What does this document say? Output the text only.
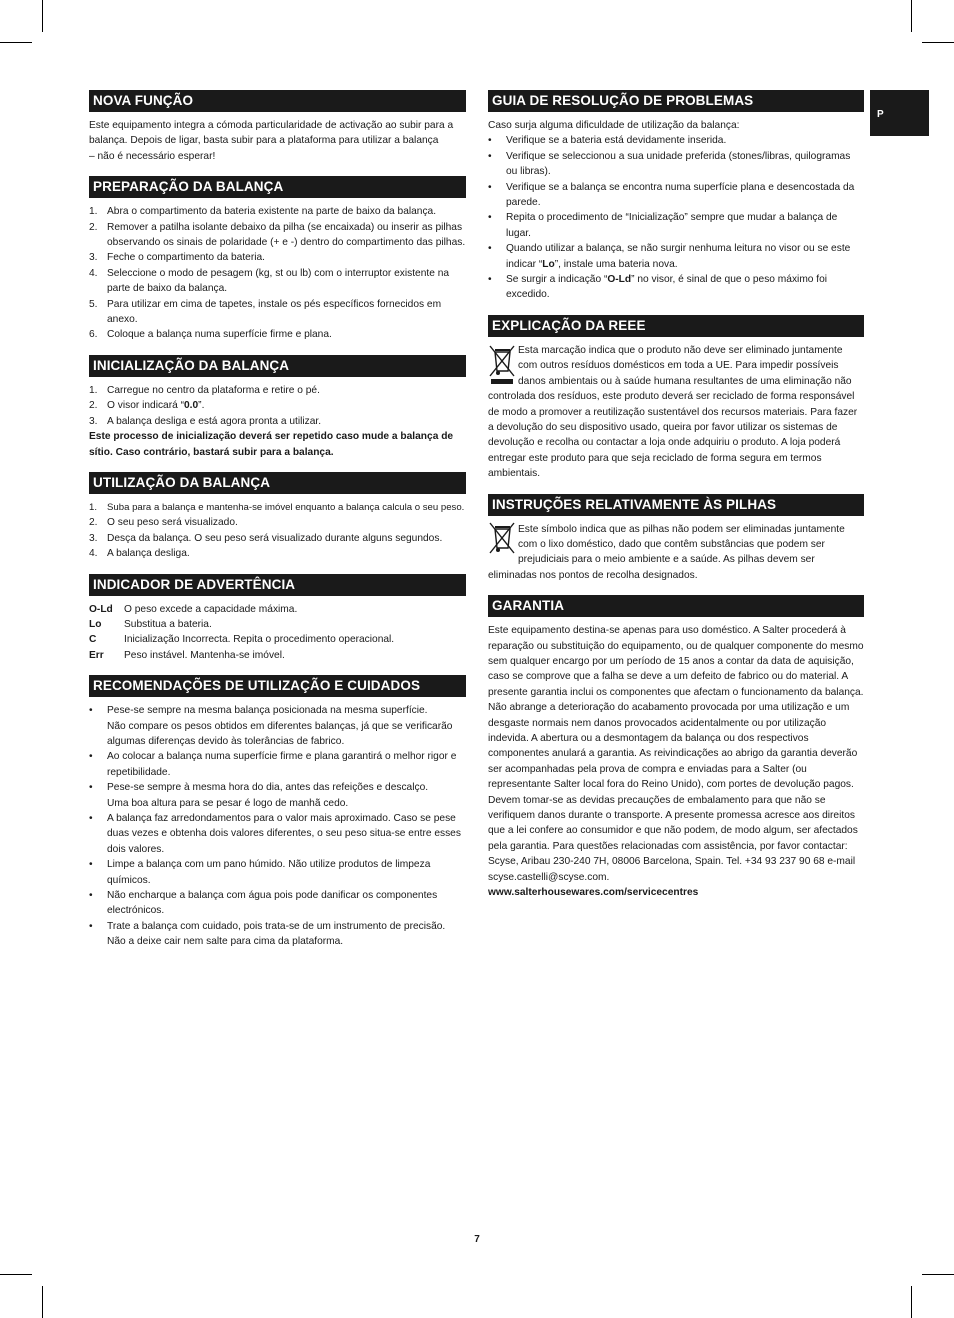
P
NOVA FUNÇÃO

Este equipamento integra a cómoda particularidade de activação ao subir para a balança. Depois de ligar, basta subir para a plataforma para utilizar a balança
– não é necessário esperar!

PREPARAÇÃO DA BALANÇA
1. Abra o compartimento da bateria existente na parte de baixo da balança.
2. Remover a patilha isolante debaixo da pilha (se encaixada) ou inserir as pilhas observando os sinais de polaridade (+ e -) dentro do compartimento das pilhas.
3. Feche o compartimento da bateria.
4. Seleccione o modo de pesagem (kg, st ou lb) com o interruptor existente na parte de baixo da balança.
5. Para utilizar em cima de tapetes, instale os pés específicos fornecidos em anexo.
6. Coloque a balança numa superfície firme e plana.
INICIALIZAÇÃO DA BALANÇA
1. Carregue no centro da plataforma e retire o pé.
2. O visor indicará “0.0”.
3. A balança desliga e está agora pronta a utilizar.

Este processo de inicialização deverá ser repetido caso mude a balança de sítio. Caso contrário, bastará subir para a balança.

UTILIZAÇÃO DA BALANÇA
1. Suba para a balança e mantenha-se imóvel enquanto a balança calcula o seu peso.
2. O seu peso será visualizado.
3. Desça da balança. O seu peso será visualizado durante alguns segundos.
4. A balança desliga.
INDICADOR DE ADVERTÊNCIA
O-Ld	O peso excede a capacidade máxima.
Lo	Substitua a bateria.
C	Inicialização Incorrecta. Repita o procedimento operacional.
Err	Peso instável. Mantenha-se imóvel.
RECOMENDAÇÕES DE UTILIZAÇÃO E CUIDADOS
• Pese-se sempre na mesma balança posicionada na mesma superfície.
Não compare os pesos obtidos em diferentes balanças, já que se verificarão algumas diferenças devido às tolerâncias de fabrico.
• Ao colocar a balança numa superfície firme e plana garantirá o melhor rigor e repetibilidade.
• Pese-se sempre à mesma hora do dia, antes das refeições e descalço.
Uma boa altura para se pesar é logo de manhã cedo.
• A balança faz arredondamentos para o valor mais aproximado. Caso se pese duas vezes e obtenha dois valores diferentes, o seu peso situa-se entre esses dois valores.
• Limpe a balança com um pano húmido. Não utilize produtos de limpeza químicos.
• Não encharque a balança com água pois pode danificar os componentes electrónicos.
• Trate a balança com cuidado, pois trata-se de um instrumento de precisão.
Não a deixe cair nem salte para cima da plataforma.
GUIA DE RESOLUÇÃO DE PROBLEMAS

Caso surja alguma dificuldade de utilização da balança:

• Verifique se a bateria está devidamente inserida.
• Verifique se seleccionou a sua unidade preferida (stones/libras, quilogramas ou libras).
• Verifique se a balança se encontra numa superfície plana e desencostada da parede.
• Repita o procedimento de “Inicialização” sempre que mudar a balança de lugar.
• Quando utilizar a balança, se não surgir nenhuma leitura no visor ou se este indicar “Lo”, instale uma bateria nova.
• Se surgir a indicação “O-Ld” no visor, é sinal de que o peso máximo foi excedido.
EXPLICAÇÃO DA REEE

Esta marcação indica que o produto não deve ser eliminado juntamente com outros resíduos domésticos em toda a UE. Para impedir possíveis danos ambientais ou à saúde humana resultantes de uma eliminação não controlada dos resíduos, este produto deverá ser reciclado de forma responsável de modo a promover a reutilização sustentável dos recursos materiais. Para fazer a devolução do seu dispositivo usado, queira por favor utilizar os sistemas de devolução e recolha ou contactar a loja onde adquiriu o produto. A loja poderá entregar este produto para que seja reciclado de forma segura em termos ambientais.

INSTRUÇÕES RELATIVAMENTE ÀS PILHAS

Este símbolo indica que as pilhas não podem ser eliminadas juntamente com o lixo doméstico, dado que contêm substâncias que podem ser prejudiciais para o meio ambiente e a saúde. As pilhas devem ser eliminadas nos pontos de recolha designados.

GARANTIA

Este equipamento destina-se apenas para uso doméstico. A Salter procederá à reparação ou substituição do equipamento, ou de qualquer componente do mesmo sem qualquer encargo por um período de 15 anos a contar da data de aquisição, caso se comprove que a falha se deve a um defeito de fabrico ou do material. A presente garantia inclui os componentes que afectam o funcionamento da balança. Não abrange a deterioração do acabamento provocada por uma utilização e um desgaste normais nem danos provocados acidentalmente ou por utilização indevida. A abertura ou a desmontagem da balança ou dos respectivos componentes anulará a garantia. As reivindicações ao abrigo da garantia deverão ser acompanhadas pela prova de compra e enviadas para a Salter (ou representante Salter local fora do Reino Unido), com portes de devolução pagos. Devem tomar-se as devidas precauções de embalamento para que não se verifiquem danos durante o transporte. A presente promessa acresce aos direitos que a lei confere ao consumidor e que não podem, de modo algum, ser afectados pela garantia. Para questões relacionadas com assistência, por favor contactar: Scyse, Aribau 230-240 7H, 08006 Barcelona, Spain. Tel. +34 93 237 90 68 e-mail scyse.castelli@scyse.com.

www.salterhousewares.com/servicecentres
7
